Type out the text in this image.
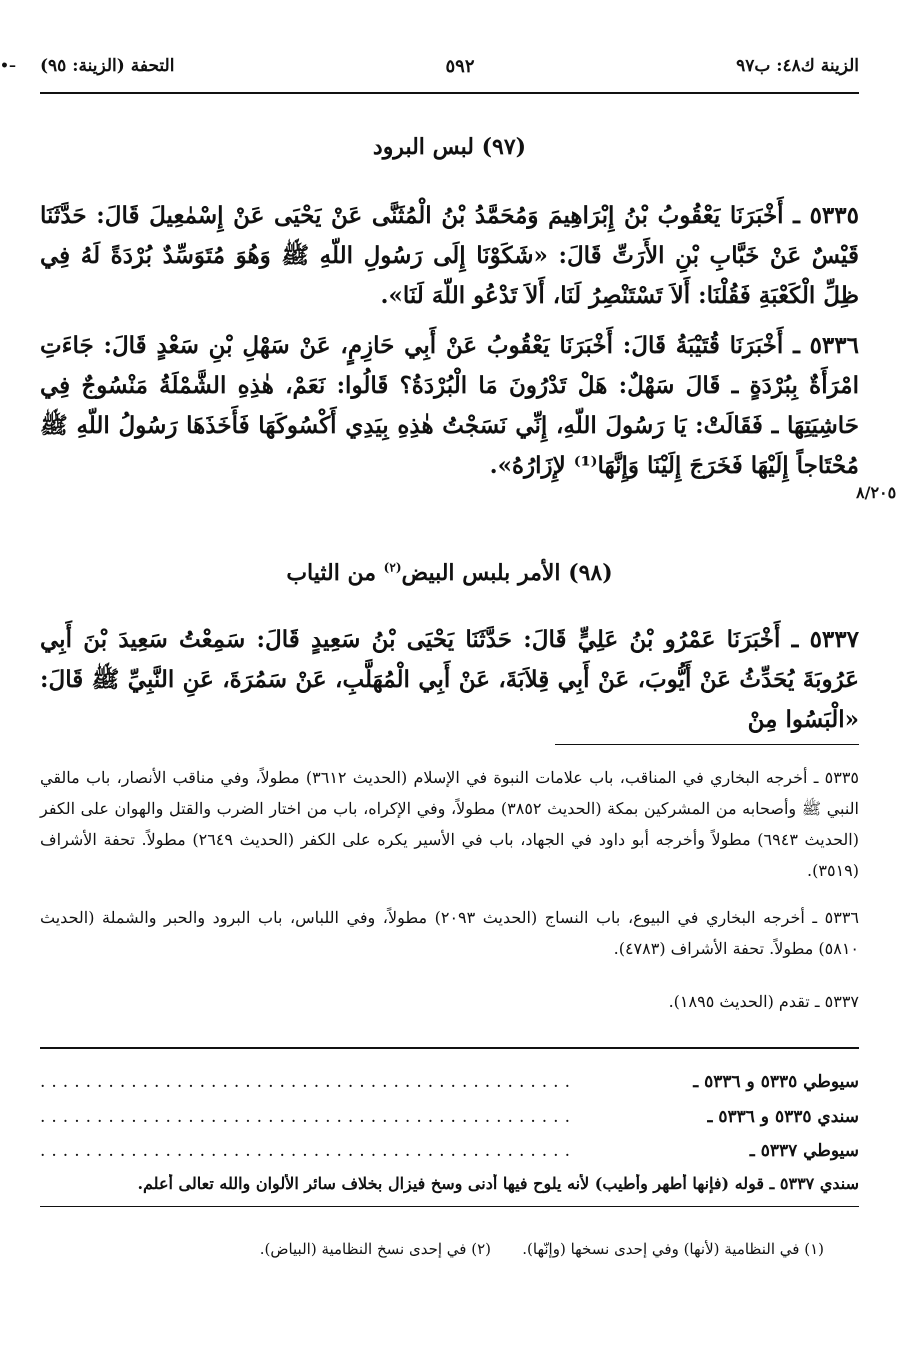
•–	الزينة ك٤٨: ب٩٧
٥٩٢
التحفة (الزينة: ٩٥)
(٩٧) لبس البرود
٥٣٣٥ ـ أَخْبَرَنَا يَعْقُوبُ بْنُ إِبْرَاهِيمَ وَمُحَمَّدُ بْنُ الْمُثَنَّى عَنْ يَحْيَى عَنْ إِسْمٰعِيلَ قَالَ: حَدَّثَنَا قَيْسٌ عَنْ خَبَّابِ بْنِ الأَرَتِّ قَالَ: «شَكَوْنَا إِلَى رَسُولِ اللّهِ ﷺ وَهُوَ مُتَوَسِّدٌ بُرْدَةً لَهُ فِي ظِلِّ الْكَعْبَةِ فَقُلْنَا: أَلاَ تَسْتَنْصِرُ لَنَا، أَلاَ تَدْعُو اللّهَ لَنَا».
٥٣٣٦ ـ أَخْبَرَنَا قُتَيْبَةُ قَالَ: أَخْبَرَنَا يَعْقُوبُ عَنْ أَبِي حَازِمٍ، عَنْ سَهْلِ بْنِ سَعْدٍ قَالَ: جَاءَتِ امْرَأَةٌ بِبُرْدَةٍ ـ قَالَ سَهْلٌ: هَلْ تَدْرُونَ مَا الْبُرْدَةُ؟ قَالُوا: نَعَمْ، هٰذِهِ الشَّمْلَةُ مَنْسُوجٌ فِي حَاشِيَتِهَا ـ فَقَالَتْ: يَا رَسُولَ اللّهِ، إِنِّي نَسَجْتُ هٰذِهِ بِيَدِي أَكْسُوكَهَا فَأَخَذَهَا رَسُولُ اللّهِ ﷺ مُحْتَاجاً إِلَيْهَا فَخَرَجَ إِلَيْنَا وَإِنَّهَا⁽¹⁾ لإِزَارُهُ».
٨/٢٠٥
(٩٨) الأمر بلبس البيض$^{(٢)}$ من الثياب
٥٣٣٧ ـ أَخْبَرَنَا عَمْرُو بْنُ عَلِيٍّ قَالَ: حَدَّثَنَا يَحْيَى بْنُ سَعِيدٍ قَالَ: سَمِعْتُ سَعِيدَ بْنَ أَبِي عَرُوبَةَ يُحَدِّثُ عَنْ أَيُّوبَ، عَنْ أَبِي قِلاَبَةَ، عَنْ أَبِي الْمُهَلَّبِ، عَنْ سَمُرَةَ، عَنِ النَّبِيِّ ﷺ قَالَ: «الْبَسُوا مِنْ
٥٣٣٥ ـ أخرجه البخاري في المناقب، باب علامات النبوة في الإسلام (الحديث ٣٦١٢) مطولاً، وفي مناقب الأنصار، باب مالقي النبي ﷺ وأصحابه من المشركين بمكة (الحديث ٣٨٥٢) مطولاً، وفي الإكراه، باب من اختار الضرب والقتل والهوان على الكفر (الحديث ٦٩٤٣) مطولاً وأخرجه أبو داود في الجهاد، باب في الأسير يكره على الكفر (الحديث ٢٦٤٩) مطولاً. تحفة الأشراف (٣٥١٩).
٥٣٣٦ ـ أخرجه البخاري في البيوع، باب النساج (الحديث ٢٠٩٣) مطولاً، وفي اللباس، باب البرود والحبر والشملة (الحديث ٥٨١٠) مطولاً. تحفة الأشراف (٤٧٨٣).
٥٣٣٧ ـ تقدم (الحديث ١٨٩٥).
سيوطي ٥٣٣٥ و ٥٣٣٦ ـ
...............................................
سندي ٥٣٣٥ و ٥٣٣٦ ـ
...............................................
سيوطي ٥٣٣٧ ـ
...............................................
سندي ٥٣٣٧ ـ قوله (فإنها أطهر وأطيب) لأنه يلوح فيها أدنى وسخ فيزال بخلاف سائر الألوان والله تعالى أعلم.
(١) في النظامية (لأنها) وفي إحدى نسخها (وإنّها).
(٢) في إحدى نسخ النظامية (البياض).
